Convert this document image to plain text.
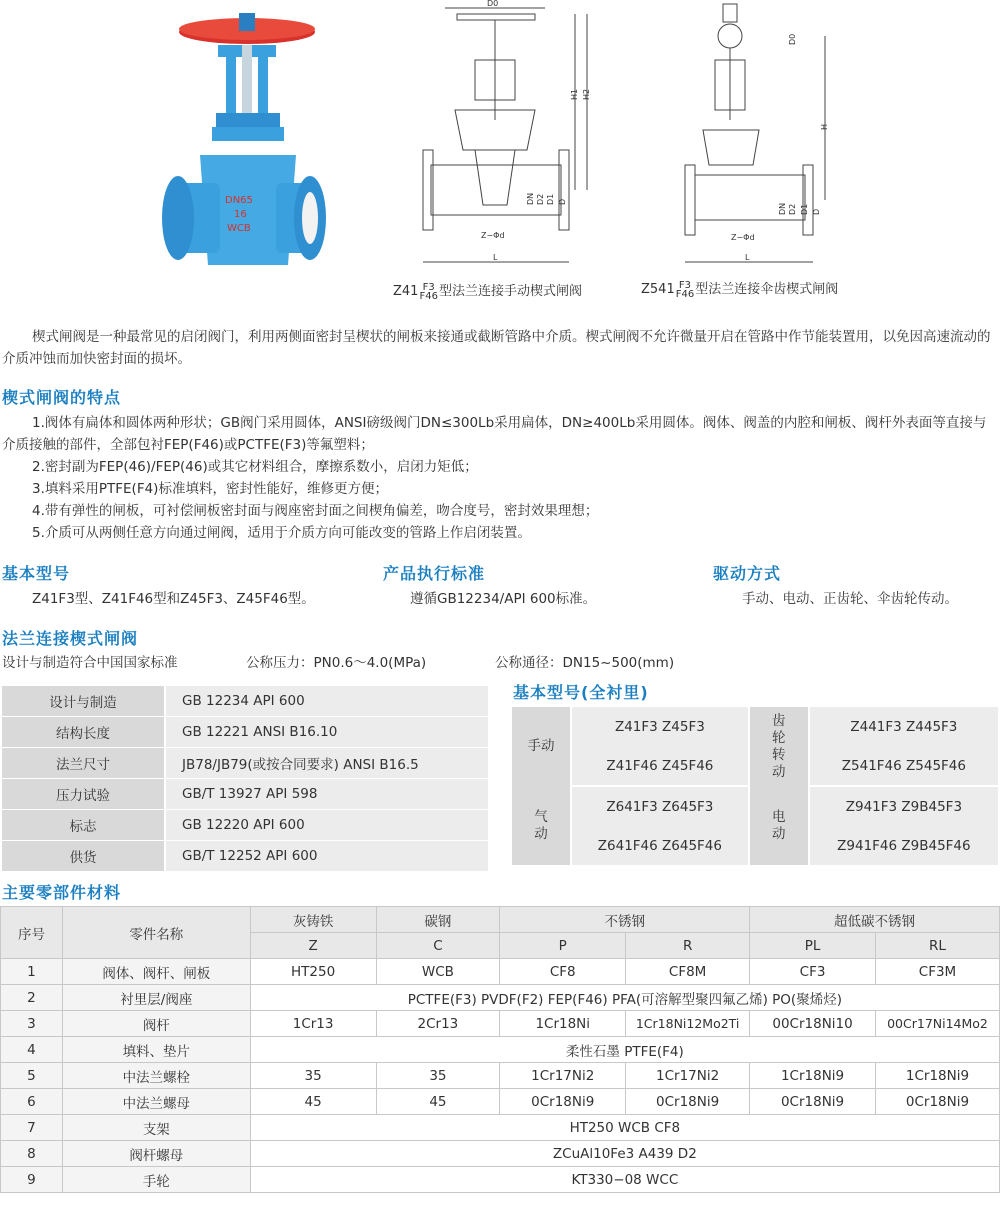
DN65
16
WCB
D0
H1 H2
DN D2 D1 D
Z−Φd
L
Z41 F3
F46型法兰连接手动楔式闸阀
D0
H
DN D2 D1 D
Z−Φd
L
Z541 F3
F46型法兰连接伞齿楔式闸阀
楔式闸阀是一种最常见的启闭阀门，利用两侧面密封呈楔状的闸板来接通或截断管路中介质。楔式闸阀不允许微量开启在管路中作节能装置用，以免因高速流动的介质冲蚀而加快密封面的损坏。
楔式闸阀的特点
1.阀体有扁体和圆体两种形状；GB阀门采用圆体，ANSI磅级阀门DN≤300Lb采用扁体，DN≥400Lb采用圆体。阀体、阀盖的内腔和闸板、阀杆外表面等直接与介质接触的部件，全部包衬FEP(F46)或PCTFE(F3)等氟塑料；
2.密封副为FEP(46)/FEP(46)或其它材料组合，摩擦系数小，启闭力矩低；
3.填料采用PTFE(F4)标准填料，密封性能好，维修更方便；
4.带有弹性的闸板，可衬偿闸板密封面与阀座密封面之间楔角偏差，吻合度号，密封效果理想；
5.介质可从两侧任意方向通过闸阀，适用于介质方向可能改变的管路上作启闭装置。
基本型号
Z41F3型、Z41F46型和Z45F3、Z45F46型。
产品执行标准
遵循GB12234/API 600标准。
驱动方式
手动、电动、正齿轮、伞齿轮传动。
法兰连接楔式闸阀
设计与制造符合中国国家标准	公称压力：PN0.6～4.0(MPa)	公称通径：DN15~500(mm)
设计与制造	GB 12234 API 600
结构长度	GB 12221 ANSI B16.10
法兰尺寸	JB78/JB79(或按合同要求) ANSI B16.5
压力试验	GB/T 13927 API 598
标志	GB 12220 API 600
供货	GB/T 12252 API 600
基本型号(全衬里)
手动	Z41F3 Z45F3	齿轮转动	Z441F3 Z445F3
	Z41F46 Z45F46		Z541F46 Z545F46
气动	Z641F3 Z645F3	电动	Z941F3 Z9B45F3
	Z641F46 Z645F46		Z941F46 Z9B45F46
主要零部件材料
序号	零件名称	灰铸铁	碳钢	不锈钢		超低碳不锈钢	
		Z	C	P	R	PL	RL
1	阀体、阀杆、闸板	HT250	WCB	CF8	CF8M	CF3	CF3M
2	衬里层/阀座	PCTFE(F3) PVDF(F2) FEP(F46) PFA(可溶解型聚四氟乙烯) PO(聚烯烃)					
3	阀杆	1Cr13	2Cr13	1Cr18Ni	1Cr18Ni12Mo2Ti	00Cr18Ni10	00Cr17Ni14Mo2
4	填料、垫片	柔性石墨 PTFE(F4)					
5	中法兰螺栓	35	35	1Cr17Ni2	1Cr17Ni2	1Cr18Ni9	1Cr18Ni9
6	中法兰螺母	45	45	0Cr18Ni9	0Cr18Ni9	0Cr18Ni9	0Cr18Ni9
7	支架	HT250 WCB CF8					
8	阀杆螺母	ZCuAl10Fe3 A439 D2					
9	手轮	KT330−08 WCC					
